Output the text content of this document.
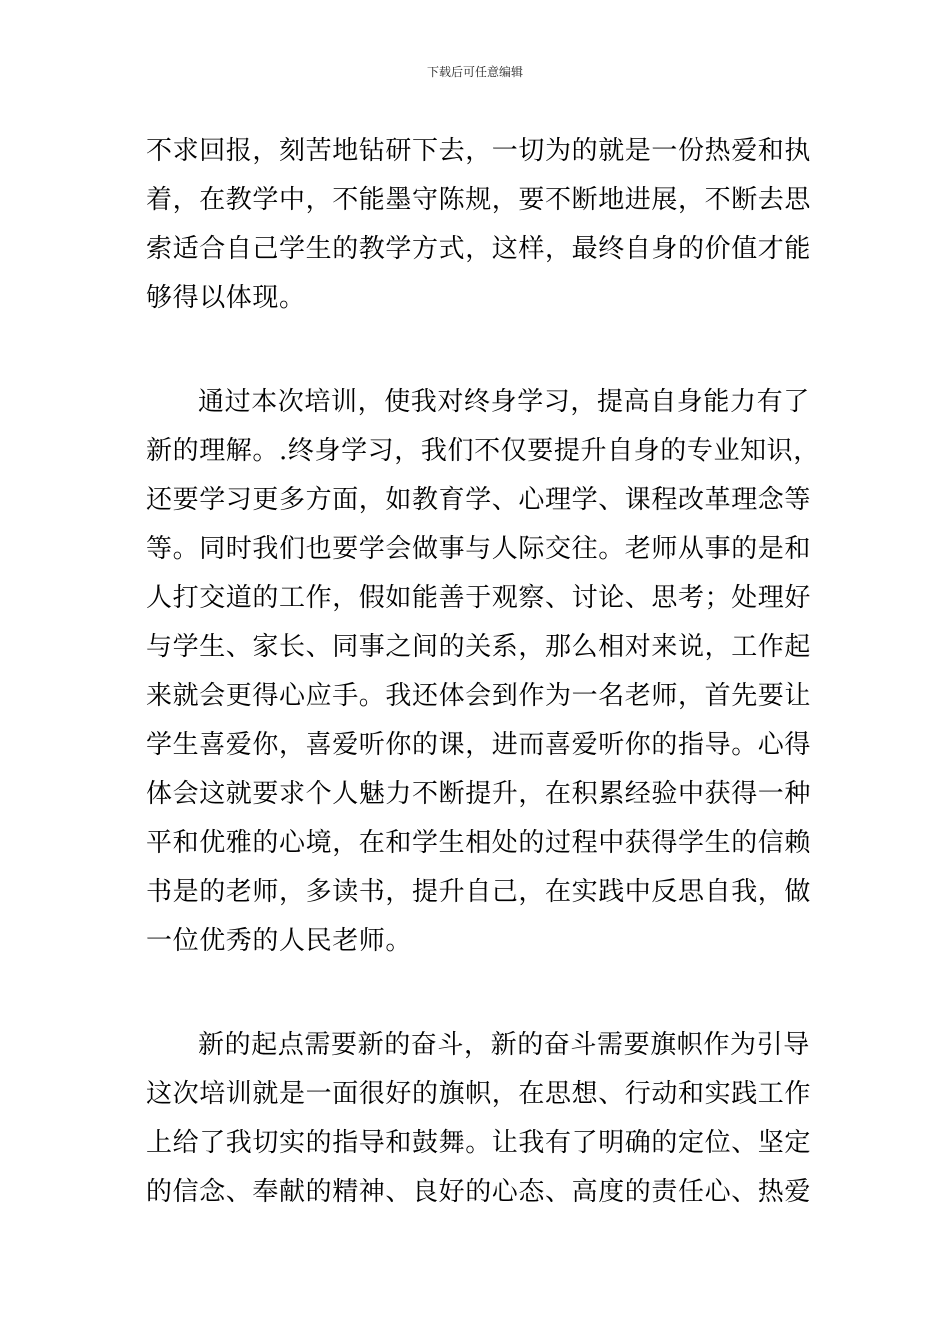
下载后可任意编辑
不求回报，刻苦地钻研下去，一切为的就是一份热爱和执
着，在教学中，不能墨守陈规，要不断地进展，不断去思
索适合自己学生的教学方式，这样，最终自身的价值才能
够得以体现。
通过本次培训，使我对终身学习，提高自身能力有了
新的理解。.终身学习，我们不仅要提升自身的专业知识，
还要学习更多方面，如教育学、心理学、课程改革理念等
等。同时我们也要学会做事与人际交往。老师从事的是和
人打交道的工作，假如能善于观察、讨论、思考；处理好
与学生、家长、同事之间的关系，那么相对来说，工作起
来就会更得心应手。我还体会到作为一名老师，首先要让
学生喜爱你，喜爱听你的课，进而喜爱听你的指导。心得
体会这就要求个人魅力不断提升，在积累经验中获得一种
平和优雅的心境，在和学生相处的过程中获得学生的信赖
书是的老师，多读书，提升自己，在实践中反思自我，做
一位优秀的人民老师。
新的起点需要新的奋斗，新的奋斗需要旗帜作为引导
这次培训就是一面很好的旗帜，在思想、行动和实践工作
上给了我切实的指导和鼓舞。让我有了明确的定位、坚定
的信念、奉献的精神、良好的心态、高度的责任心、热爱
